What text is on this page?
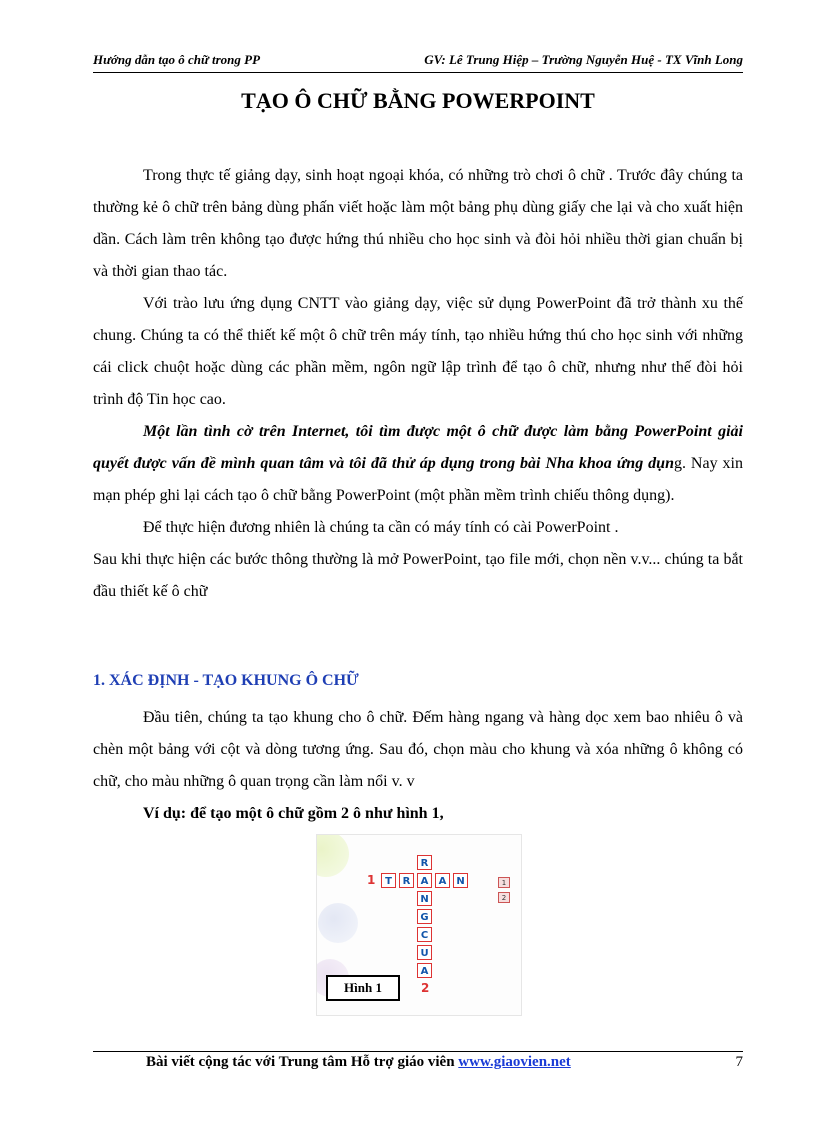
Hướng dẫn tạo ô chữ trong PP	GV: Lê Trung Hiệp – Trường Nguyễn Huệ - TX Vĩnh Long
TẠO Ô CHỮ BẰNG POWERPOINT

Trong thực tế giảng dạy, sinh hoạt ngoại khóa, có những trò chơi ô chữ . Trước đây chúng ta thường kẻ ô chữ trên bảng dùng phấn viết hoặc làm một bảng phụ dùng giấy che lại và cho xuất hiện dần. Cách làm trên không tạo được hứng thú nhiều cho học sinh và đòi hỏi nhiều thời gian chuẩn bị và thời gian thao tác.

Với trào lưu ứng dụng CNTT vào giảng dạy, việc sử dụng PowerPoint đã trở thành xu thế chung. Chúng ta có thể thiết kế một ô chữ trên máy tính, tạo nhiều hứng thú cho học sinh với những cái click chuột hoặc dùng các phần mềm, ngôn ngữ lập trình để tạo ô chữ, nhưng như thế đòi hỏi trình độ Tin học cao.

Một lần tình cờ trên Internet, tôi tìm được một ô chữ được làm bằng PowerPoint giải quyết được vấn đề mình quan tâm và tôi đã thử áp dụng trong bài Nha khoa ứng dụng. Nay xin mạn phép ghi lại cách tạo ô chữ bằng PowerPoint (một phần mềm trình chiếu thông dụng).

Để thực hiện đương nhiên là chúng ta cần có máy tính có cài PowerPoint .

Sau khi thực hiện các bước thông thường là mở PowerPoint, tạo file mới, chọn nền v.v... chúng ta bắt đầu thiết kế ô chữ

1. XÁC ĐỊNH - TẠO KHUNG Ô CHỮ

Đầu tiên, chúng ta tạo khung cho ô chữ. Đếm hàng ngang và hàng dọc xem bao nhiêu ô và chèn một bảng với cột và dòng tương ứng. Sau đó, chọn màu cho khung và xóa những ô không có chữ, cho màu những ô quan trọng cần làm nổi v. v

Ví dụ: để tạo một ô chữ gồm 2 ô như hình 1,

1 T	R	A N
R
A
N
G
C
U
A
2
1
2
Hình 1
Bài viết cộng tác với Trung tâm Hỗ trợ giáo viên www.giaovien.net	7
